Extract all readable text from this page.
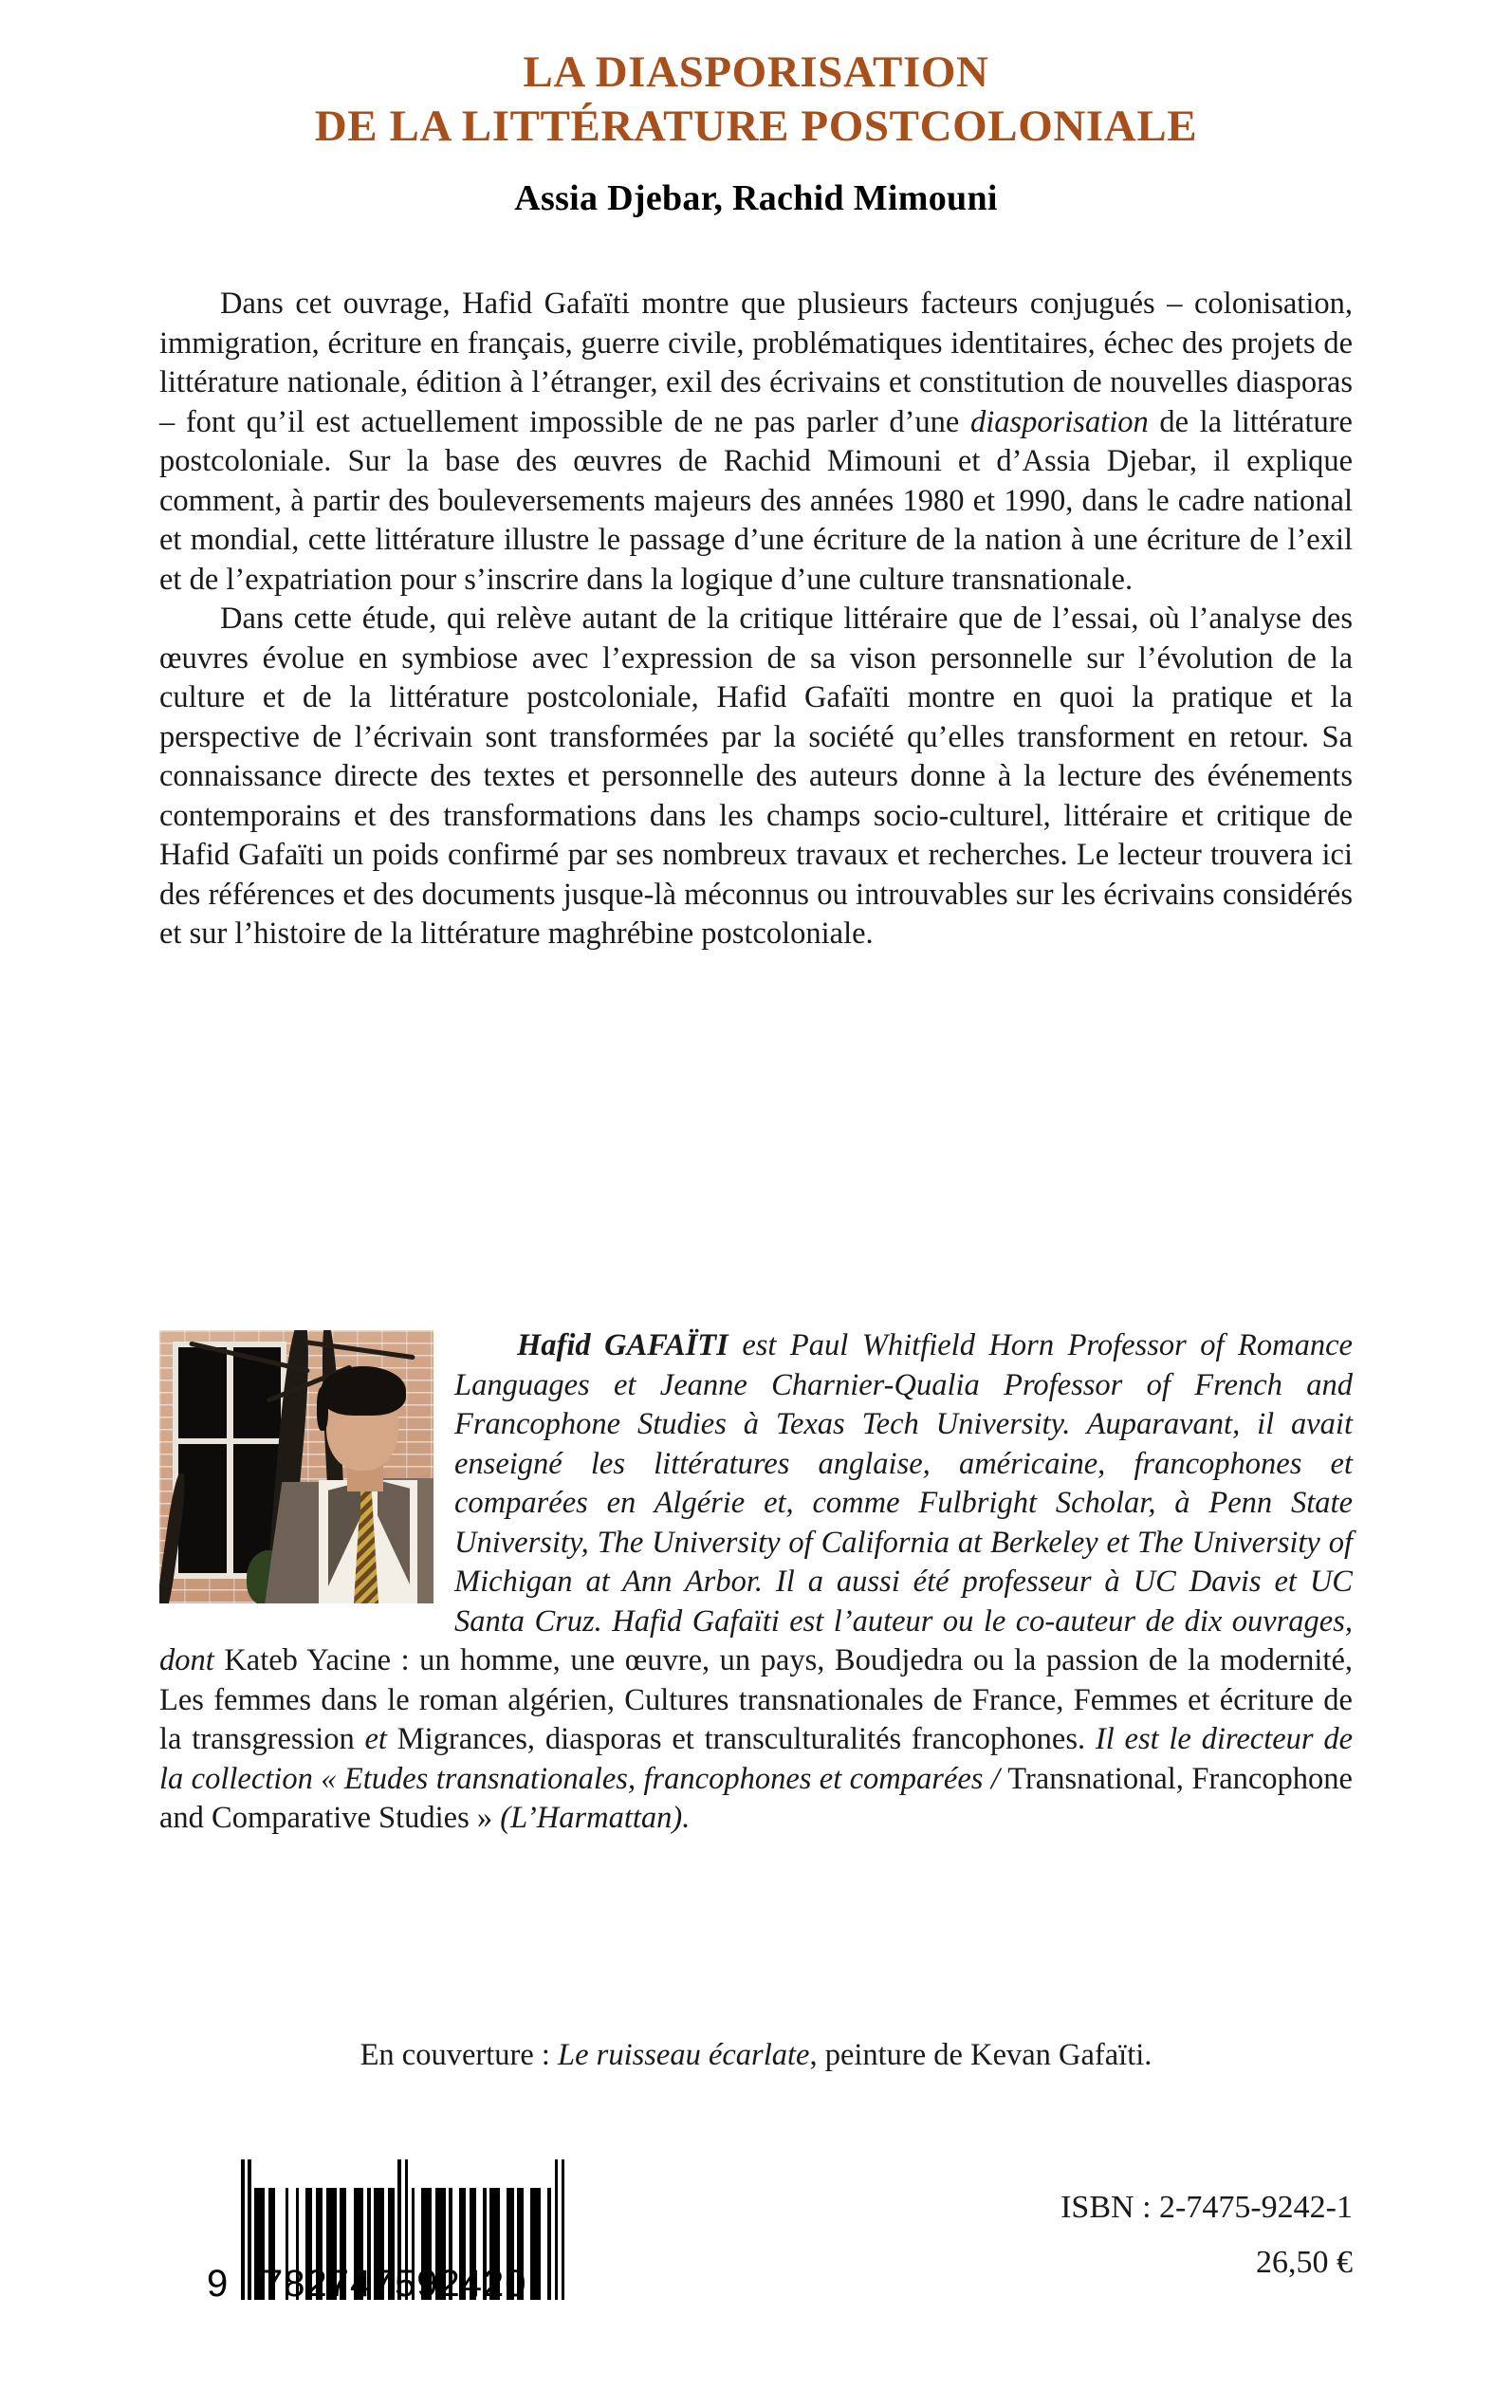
LA DIASPORISATION
DE LA LITTÉRATURE POSTCOLONIALE
Assia Djebar, Rachid Mimouni

Dans cet ouvrage, Hafid Gafaïti montre que plusieurs facteurs conjugués – colonisation, immigration, écriture en français, guerre civile, problématiques identitaires, échec des projets de littérature nationale, édition à l’étranger, exil des écrivains et constitution de nouvelles diasporas – font qu’il est actuellement impossible de ne pas parler d’une diasporisation de la littérature postcoloniale. Sur la base des œuvres de Rachid Mimouni et d’Assia Djebar, il explique comment, à partir des bouleversements majeurs des années 1980 et 1990, dans le cadre national et mondial, cette littérature illustre le passage d’une écriture de la nation à une écriture de l’exil et de l’expatriation pour s’inscrire dans la logique d’une culture transnationale.

Dans cette étude, qui relève autant de la critique littéraire que de l’essai, où l’analyse des œuvres évolue en symbiose avec l’expression de sa vison personnelle sur l’évolution de la culture et de la littérature postcoloniale, Hafid Gafaïti montre en quoi la pratique et la perspective de l’écrivain sont transformées par la société qu’elles transforment en retour. Sa connaissance directe des textes et personnelle des auteurs donne à la lecture des événements contemporains et des transformations dans les champs socio-culturel, littéraire et critique de Hafid Gafaïti un poids confirmé par ses nombreux travaux et recherches. Le lecteur trouvera ici des références et des documents jusque-là méconnus ou introuvables sur les écrivains considérés et sur l’histoire de la littérature maghrébine postcoloniale.

Hafid GAFAÏTI est Paul Whitfield Horn Professor of Romance Languages et Jeanne Charnier-Qualia Professor of French and Francophone Studies à Texas Tech University. Auparavant, il avait enseigné les littératures anglaise, américaine, francophones et comparées en Algérie et, comme Fulbright Scholar, à Penn State University, The University of California at Berkeley et The University of Michigan at Ann Arbor. Il a aussi été professeur à UC Davis et UC Santa Cruz. Hafid Gafaïti est l’auteur ou le co-auteur de dix ouvrages, dont Kateb Yacine : un homme, une œuvre, un pays, Boudjedra ou la passion de la modernité, Les femmes dans le roman algérien, Cultures transnationales de France, Femmes et écriture de la transgression et Migrances, diasporas et transculturalités francophones. Il est le directeur de la collection « Etudes transnationales, francophones et comparées / Transnational, Francophone and Comparative Studies » (L’Harmattan).

En couverture : Le ruisseau écarlate, peinture de Kevan Gafaïti.
9 782747 592420
ISBN : 2-7475-9242-1
26,50 €
